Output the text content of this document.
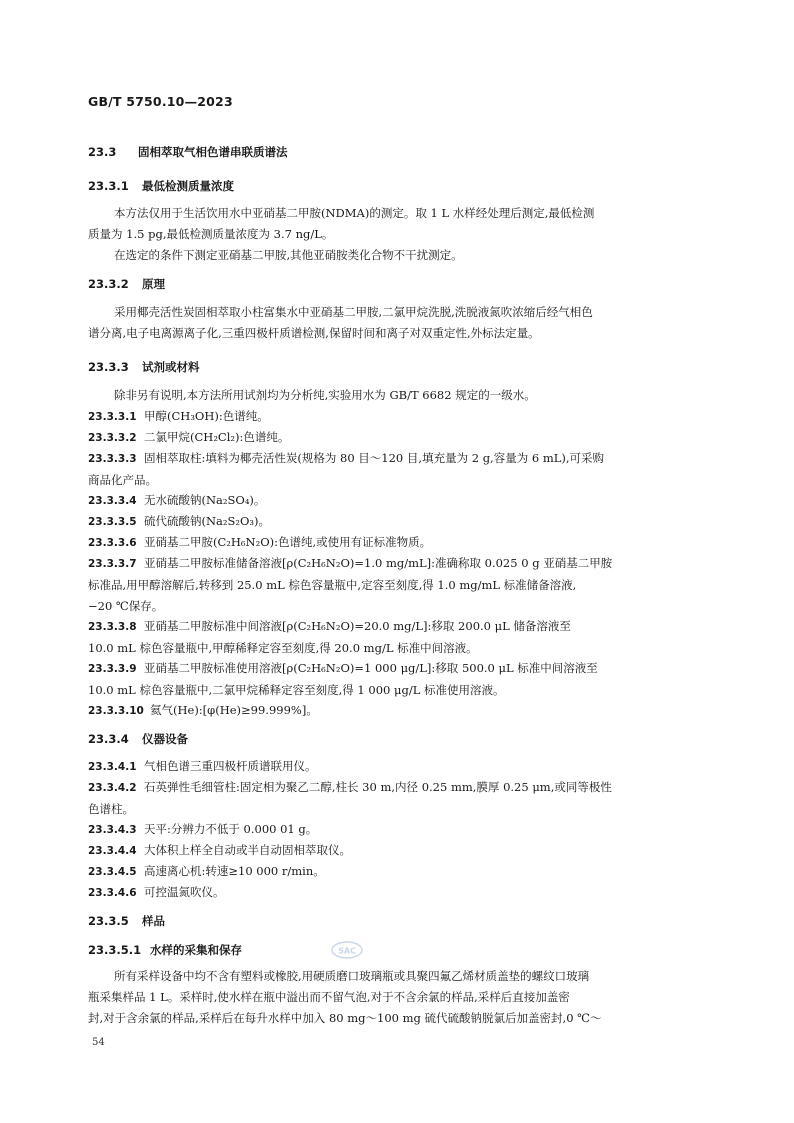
GB/T 5750.10—2023
23.3 固相萃取气相色谱串联质谱法
23.3.1 最低检测质量浓度
本方法仅用于生活饮用水中亚硝基二甲胺(NDMA)的测定。取 1 L 水样经处理后测定,最低检测
质量为 1.5 pg,最低检测质量浓度为 3.7 ng/L。
在选定的条件下测定亚硝基二甲胺,其他亚硝胺类化合物不干扰测定。
23.3.2 原理
采用椰壳活性炭固相萃取小柱富集水中亚硝基二甲胺,二氯甲烷洗脱,洗脱液氮吹浓缩后经气相色
谱分离,电子电离源离子化,三重四极杆质谱检测,保留时间和离子对双重定性,外标法定量。
23.3.3 试剂或材料
除非另有说明,本方法所用试剂均为分析纯,实验用水为 GB/T 6682 规定的一级水。
23.3.3.1 甲醇(CH₃OH):色谱纯。
23.3.3.2 二氯甲烷(CH₂Cl₂):色谱纯。
23.3.3.3 固相萃取柱:填料为椰壳活性炭(规格为 80 目～120 目,填充量为 2 g,容量为 6 mL),可采购
商品化产品。
23.3.3.4 无水硫酸钠(Na₂SO₄)。
23.3.3.5 硫代硫酸钠(Na₂S₂O₃)。
23.3.3.6 亚硝基二甲胺(C₂H₆N₂O):色谱纯,或使用有证标准物质。
23.3.3.7 亚硝基二甲胺标准储备溶液[ρ(C₂H₆N₂O)=1.0 mg/mL]:准确称取 0.025 0 g 亚硝基二甲胺
标准品,用甲醇溶解后,转移到 25.0 mL 棕色容量瓶中,定容至刻度,得 1.0 mg/mL 标准储备溶液,
−20 ℃保存。
23.3.3.8 亚硝基二甲胺标准中间溶液[ρ(C₂H₆N₂O)=20.0 mg/L]:移取 200.0 μL 储备溶液至
10.0 mL 棕色容量瓶中,甲醇稀释定容至刻度,得 20.0 mg/L 标准中间溶液。
23.3.3.9 亚硝基二甲胺标准使用溶液[ρ(C₂H₆N₂O)=1 000 μg/L]:移取 500.0 μL 标准中间溶液至
10.0 mL 棕色容量瓶中,二氯甲烷稀释定容至刻度,得 1 000 μg/L 标准使用溶液。
23.3.3.10 氦气(He):[φ(He)≥99.999%]。
23.3.4 仪器设备
23.3.4.1 气相色谱三重四极杆质谱联用仪。
23.3.4.2 石英弹性毛细管柱:固定相为聚乙二醇,柱长 30 m,内径 0.25 mm,膜厚 0.25 μm,或同等极性
色谱柱。
23.3.4.3 天平:分辨力不低于 0.000 01 g。
23.3.4.4 大体积上样全自动或半自动固相萃取仪。
23.3.4.5 高速离心机:转速≥10 000 r/min。
23.3.4.6 可控温氮吹仪。
23.3.5 样品
23.3.5.1 水样的采集和保存	SAC
所有采样设备中均不含有塑料或橡胶,用硬质磨口玻璃瓶或具聚四氟乙烯材质盖垫的螺纹口玻璃
瓶采集样品 1 L。采样时,使水样在瓶中溢出而不留气泡,对于不含余氯的样品,采样后直接加盖密
封,对于含余氯的样品,采样后在每升水样中加入 80 mg～100 mg 硫代硫酸钠脱氯后加盖密封,0 ℃～
54
